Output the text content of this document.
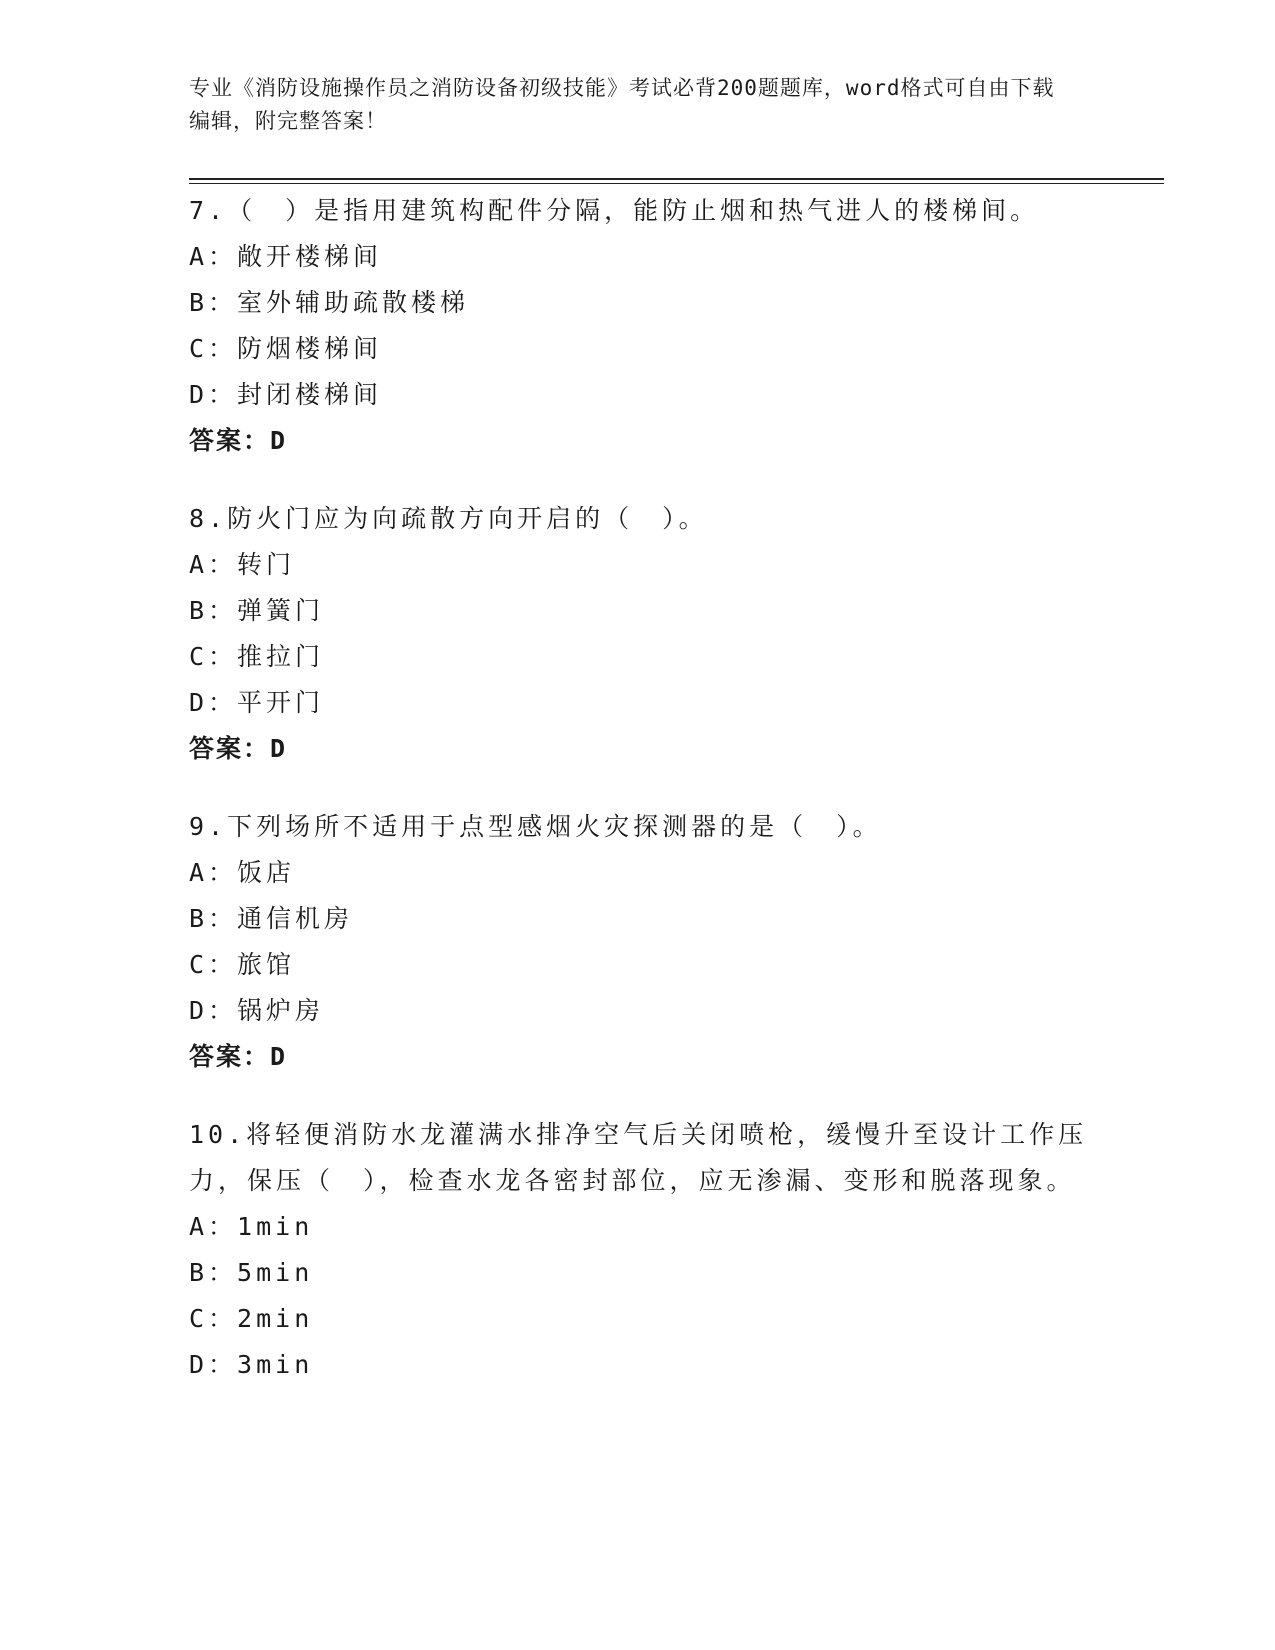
专业《消防设施操作员之消防设备初级技能》考试必背200题题库，word格式可自由下载编辑，附完整答案！

7.（　）是指用建筑构配件分隔，能防止烟和热气进人的楼梯间。

A：敞开楼梯间

B：室外辅助疏散楼梯

C：防烟楼梯间

D：封闭楼梯间

答案：D

8.防火门应为向疏散方向开启的（　）。

A：转门

B：弹簧门

C：推拉门

D：平开门

答案：D

9.下列场所不适用于点型感烟火灾探测器的是（　）。

A：饭店

B：通信机房

C：旅馆

D：锅炉房

答案：D

10.将轻便消防水龙灌满水排净空气后关闭喷枪，缓慢升至设计工作压力，保压（　），检查水龙各密封部位，应无渗漏、变形和脱落现象。

A：1min

B：5min

C：2min

D：3min
